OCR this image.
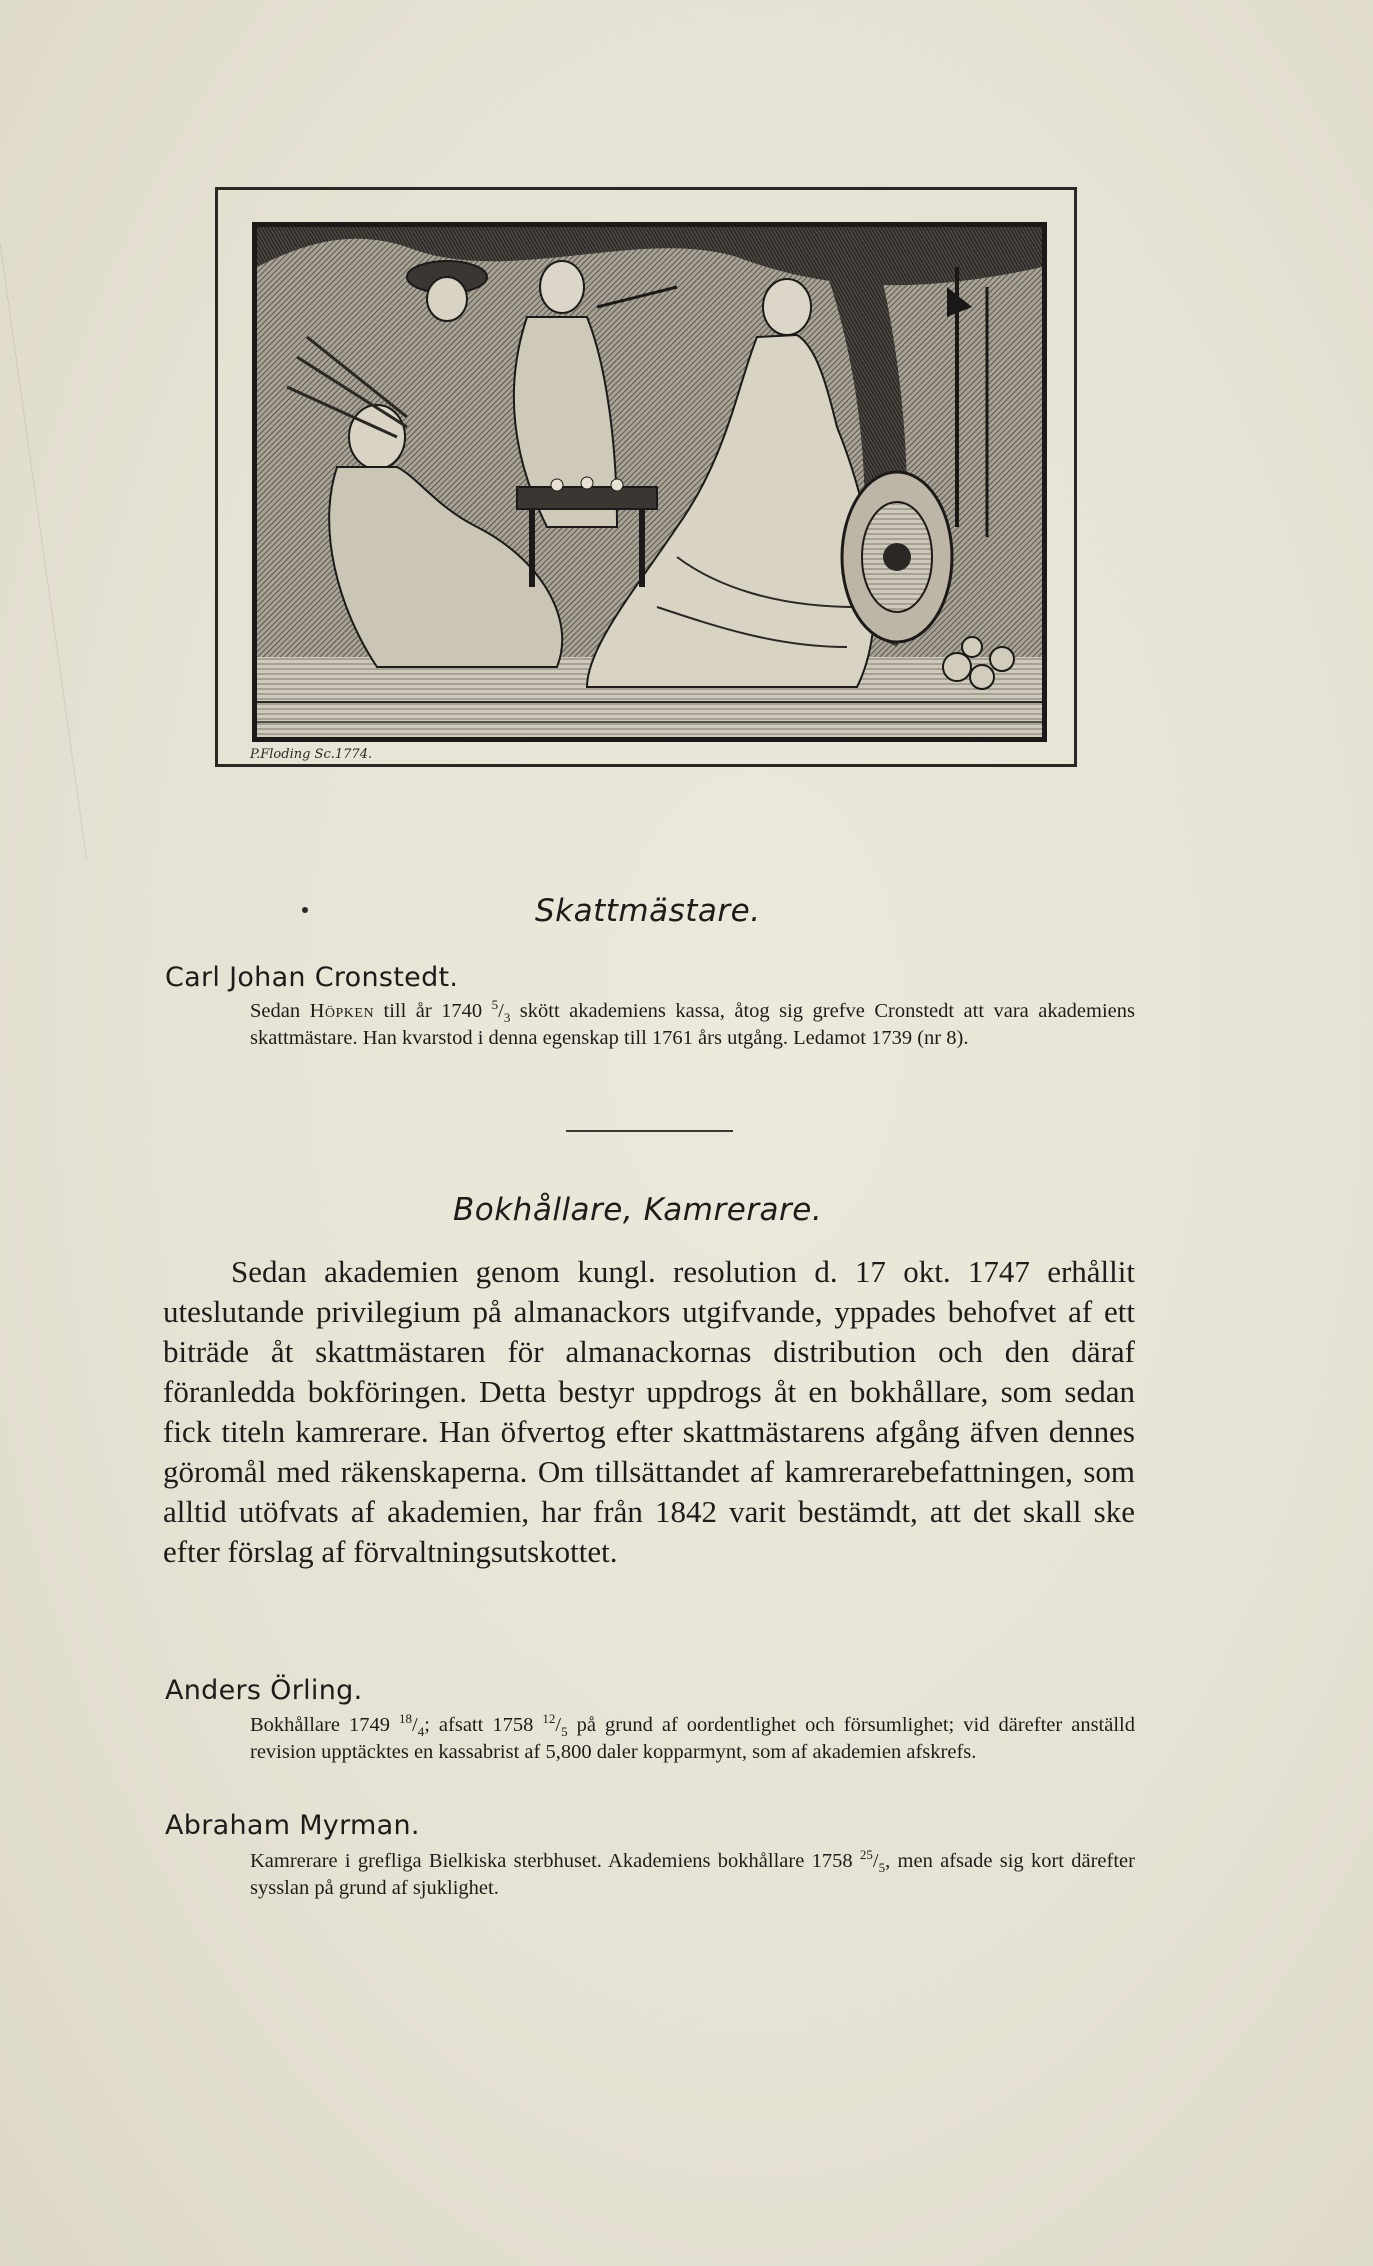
P.Floding Sc.1774.
Skattmästare.
Carl Johan Cronstedt.
Sedan Höpken till år 1740 $^5/_3$ skött akademiens kassa, åtog sig grefve Cronstedt att vara akademiens skattmästare. Han kvarstod i denna egenskap till 1761 års utgång. Ledamot 1739 (nr 8).
Bokhållare, Kamrerare.
Sedan akademien genom kungl. resolution d. 17 okt. 1747 erhållit uteslutande privilegium på almanackors utgifvande, yppades behofvet af ett biträde åt skattmästaren för almanackornas distribution och den däraf föranledda bokföringen. Detta bestyr uppdrogs åt en bokhållare, som sedan fick titeln kamrerare. Han öfvertog efter skattmästarens afgång äfven dennes göromål med räkenskaperna. Om tillsättandet af kamrerarebefattningen, som alltid utöfvats af akademien, har från 1842 varit bestämdt, att det skall ske efter förslag af förvaltningsutskottet.
Anders Örling.
Bokhållare 1749 $^{18}/_4$; afsatt 1758 $^{12}/_5$ på grund af oordentlighet och försumlighet; vid därefter anställd revision upptäcktes en kassabrist af 5,800 daler kopparmynt, som af akademien afskrefs.
Abraham Myrman.
Kamrerare i grefliga Bielkiska sterbhuset. Akademiens bokhållare 1758 $^{25}/_5$, men afsade sig kort därefter sysslan på grund af sjuklighet.
